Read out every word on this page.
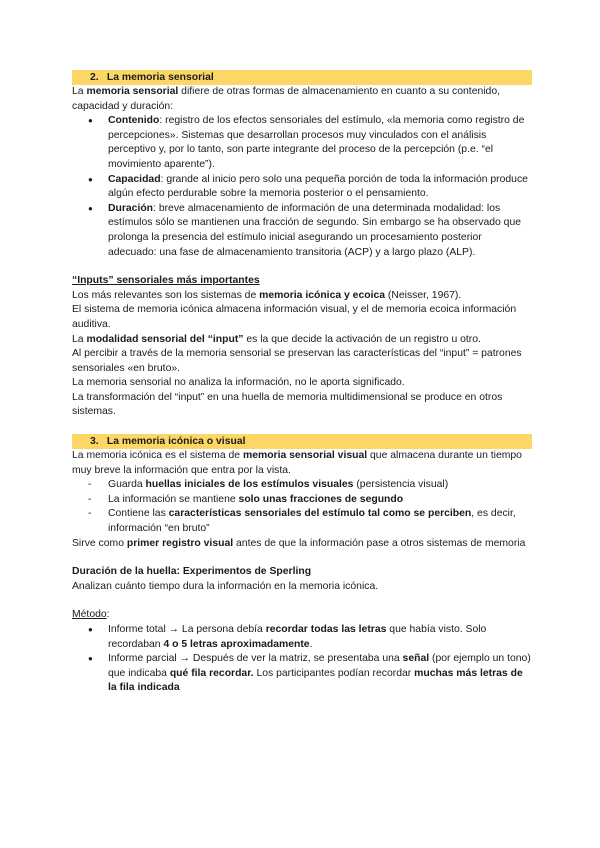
2. La memoria sensorial

La memoria sensorial difiere de otras formas de almacenamiento en cuanto a su contenido, capacidad y duración:

● Contenido: registro de los efectos sensoriales del estímulo, «la memoria como registro de percepciones». Sistemas que desarrollan procesos muy vinculados con el análisis perceptivo y, por lo tanto, son parte integrante del proceso de la percepción (p.e. “el movimiento aparente”).
● Capacidad: grande al inicio pero solo una pequeña porción de toda la información produce algún efecto perdurable sobre la memoria posterior o el pensamiento.
● Duración: breve almacenamiento de información de una determinada modalidad: los estímulos sólo se mantienen una fracción de segundo. Sin embargo se ha observado que prolonga la presencia del estímulo inicial asegurando un procesamiento posterior adecuado: una fase de almacenamiento transitoria (ACP) y a largo plazo (ALP).

“Inputs” sensoriales más importantes

Los más relevantes son los sistemas de memoria icónica y ecoica (Neisser, 1967).

El sistema de memoria icónica almacena información visual, y el de memoria ecoica información auditiva.

La modalidad sensorial del “input” es la que decide la activación de un registro u otro.

Al percibir a través de la memoria sensorial se preservan las características del “input” = patrones sensoriales «en bruto».

La memoria sensorial no analiza la información, no le aporta significado.

La transformación del “input” en una huella de memoria multidimensional se produce en otros sistemas.

3. La memoria icónica o visual

La memoria icónica es el sistema de memoria sensorial visual que almacena durante un tiempo muy breve la información que entra por la vista.

- Guarda huellas iniciales de los estímulos visuales (persistencia visual)
- La información se mantiene solo unas fracciones de segundo
- Contiene las características sensoriales del estímulo tal como se perciben, es decir, información “en bruto”

Sirve como primer registro visual antes de que la información pase a otros sistemas de memoria

Duración de la huella: Experimentos de Sperling

Analizan cuánto tiempo dura la información en la memoria icónica.

Método:

● Informe total → La persona debía recordar todas las letras que había visto. Solo recordaban 4 o 5 letras aproximadamente.
● Informe parcial → Después de ver la matriz, se presentaba una señal (por ejemplo un tono) que indicaba qué fila recordar. Los participantes podían recordar muchas más letras de la fila indicada
